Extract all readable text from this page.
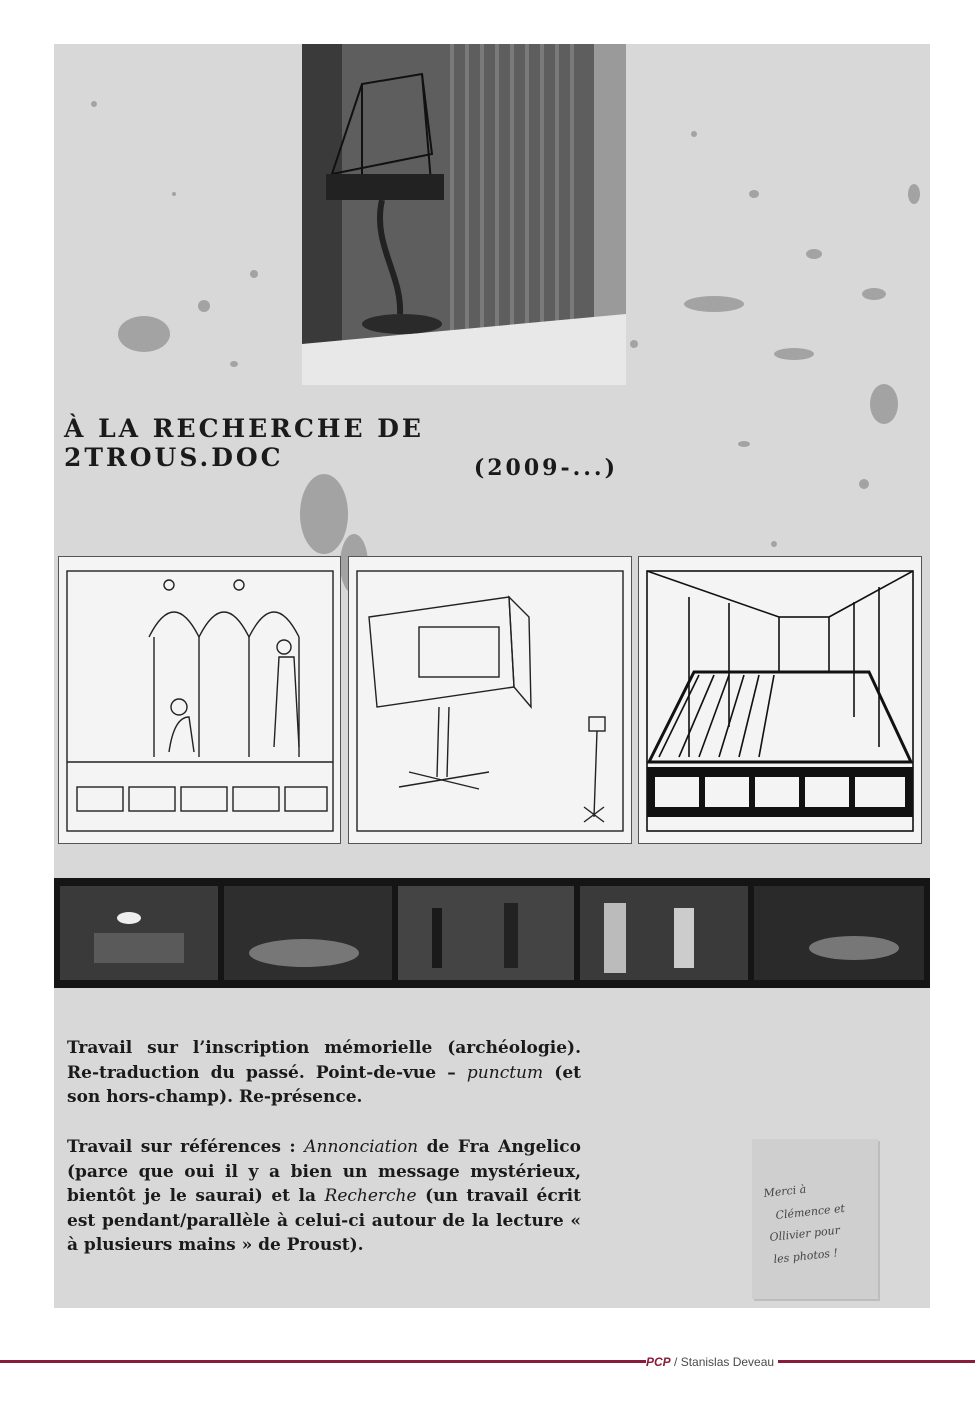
À LA RECHERCHE DE 2TROUS.DOC	(2009-...)

Travail sur l’inscription mémorielle (archéologie). Re-traduction du passé. Point-de-vue – punctum (et son hors-champ). Re-présence.

Travail sur références : Annonciation de Fra Angelico (parce que oui il y a bien un message mystérieux, bientôt je le saurai) et la Recherche (un travail écrit est pendant/parallèle à celui-ci autour de la lecture « à plusieurs mains » de Proust).

Merci à
Clémence et
Ollivier pour
les photos !
PCP / Stanislas Deveau
